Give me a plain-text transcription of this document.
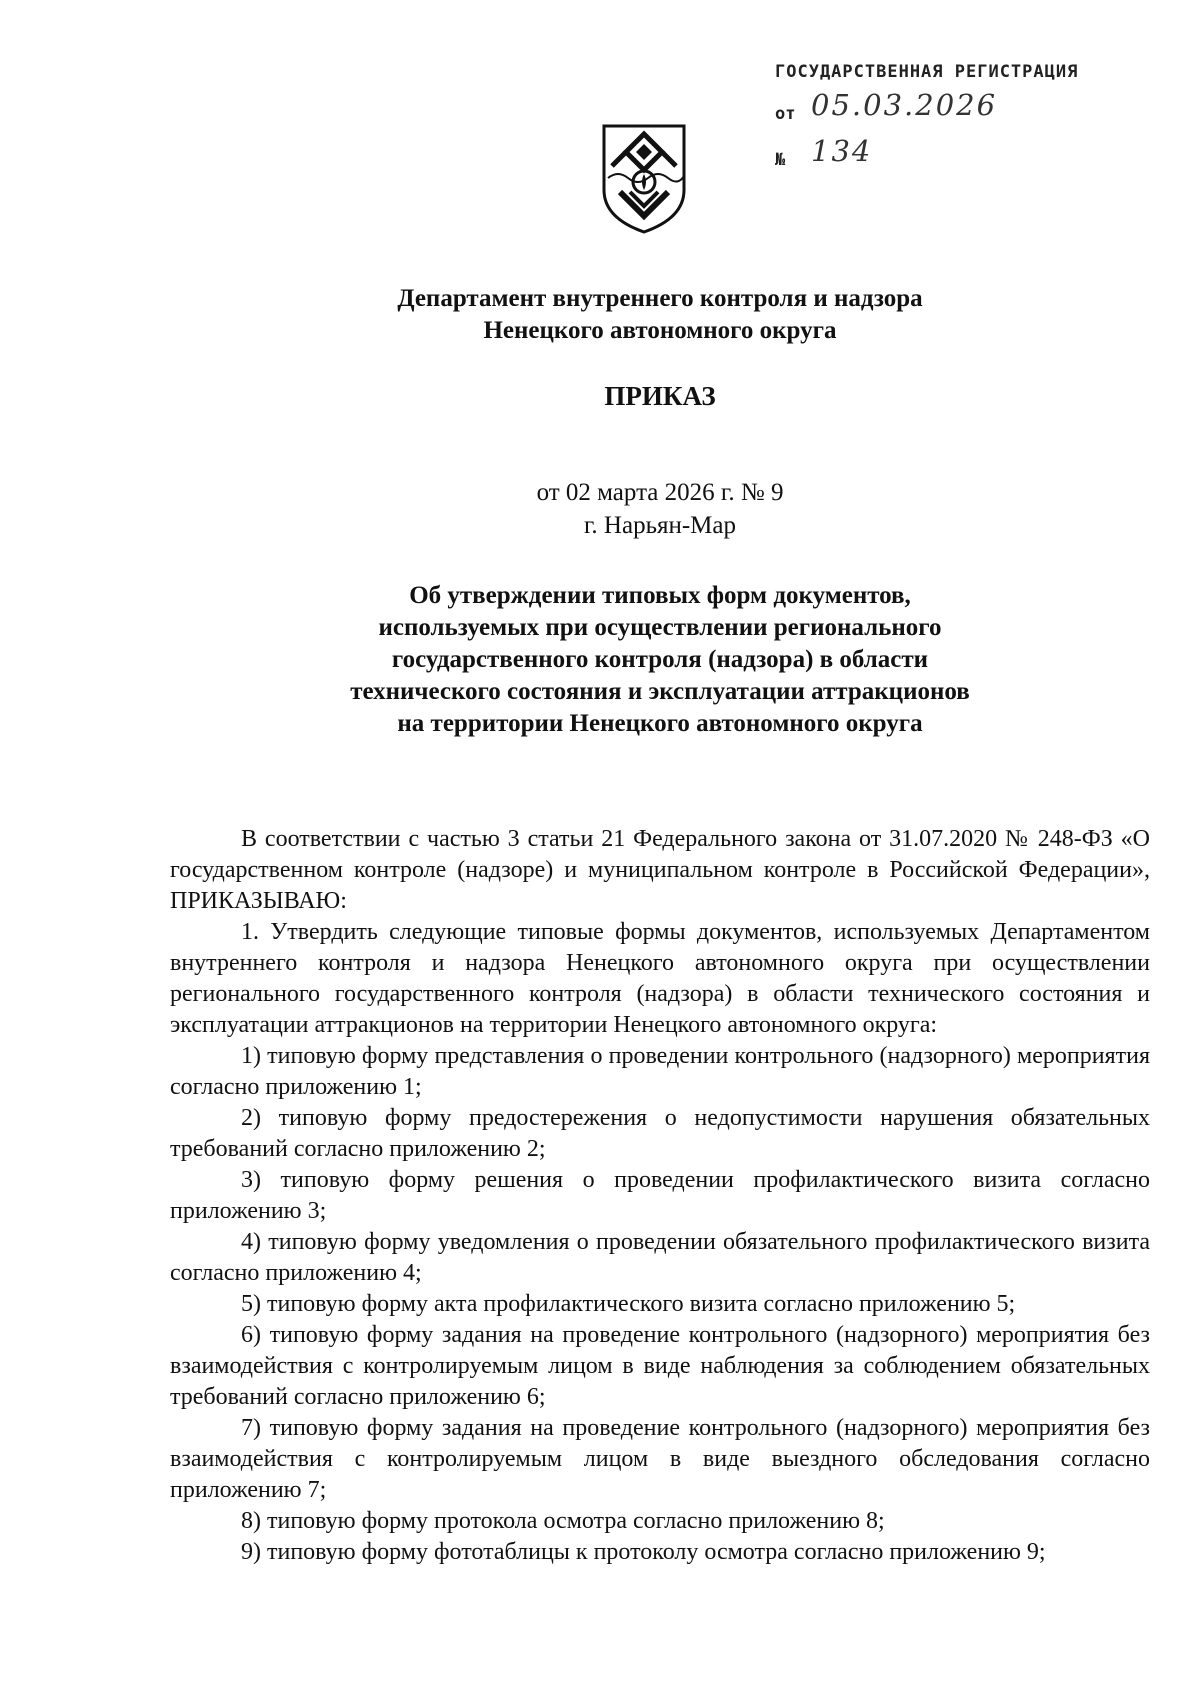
ГОСУДАРСТВЕННАЯ РЕГИСТРАЦИЯ
от 05.03.2026
№ 134
Департамент внутреннего контроля и надзора
Ненецкого автономного округа
ПРИКАЗ
от 02 марта 2026 г. № 9
г. Нарьян-Мар
Об утверждении типовых форм документов,
используемых при осуществлении регионального
государственного контроля (надзора) в области
технического состояния и эксплуатации аттракционов
на территории Ненецкого автономного округа

В соответствии с частью 3 статьи 21 Федерального закона от 31.07.2020 № 248-ФЗ «О государственном контроле (надзоре) и муниципальном контроле в Российской Федерации», ПРИКАЗЫВАЮ:

1. Утвердить следующие типовые формы документов, используемых Департаментом внутреннего контроля и надзора Ненецкого автономного округа при осуществлении регионального государственного контроля (надзора) в области технического состояния и эксплуатации аттракционов на территории Ненецкого автономного округа:

1) типовую форму представления о проведении контрольного (надзорного) мероприятия согласно приложению 1;

2) типовую форму предостережения о недопустимости нарушения обязательных требований согласно приложению 2;

3) типовую форму решения о проведении профилактического визита согласно приложению 3;

4) типовую форму уведомления о проведении обязательного профилактического визита согласно приложению 4;

5) типовую форму акта профилактического визита согласно приложению 5;

6) типовую форму задания на проведение контрольного (надзорного) мероприятия без взаимодействия с контролируемым лицом в виде наблюдения за соблюдением обязательных требований согласно приложению 6;

7) типовую форму задания на проведение контрольного (надзорного) мероприятия без взаимодействия с контролируемым лицом в виде выездного обследования согласно приложению 7;

8) типовую форму протокола осмотра согласно приложению 8;

9) типовую форму фототаблицы к протоколу осмотра согласно приложению 9;
